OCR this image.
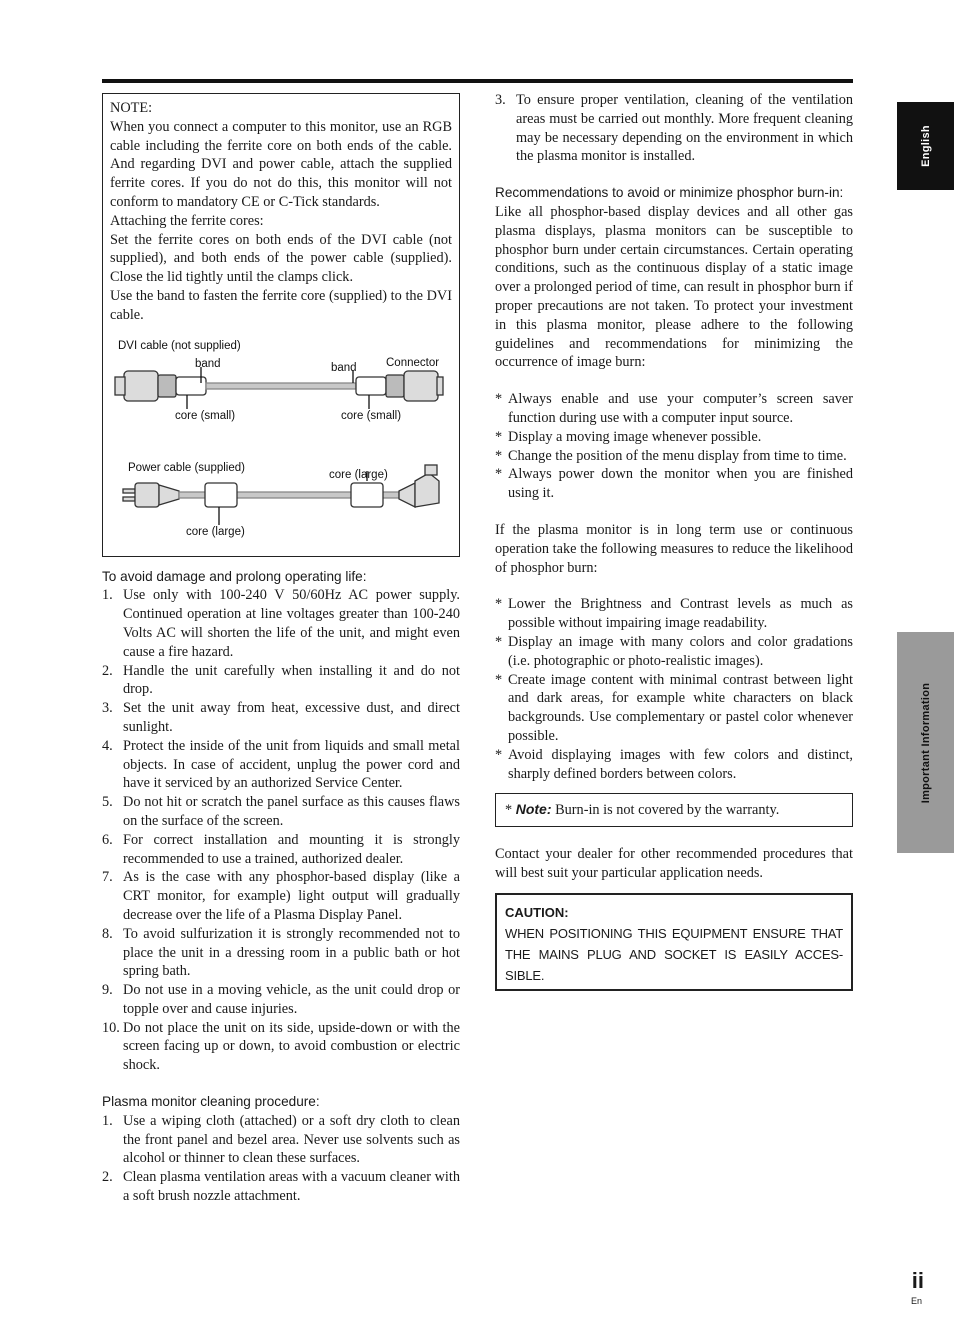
NOTE:

When you connect a computer to this monitor, use an RGB cable including the ferrite core on both ends of the cable. And regarding DVI and power cable, attach the supplied ferrite cores. If you do not do this, this monitor will not conform to mandatory CE or C-Tick standards.

Attaching the ferrite cores:

Set the ferrite cores on both ends of the DVI cable (not supplied), and both ends of the power cable (supplied). Close the lid tightly until the clamps click.

Use the band to fasten the ferrite core (supplied) to the DVI cable.

DVI cable (not supplied)
band	band	Connector
core (small)	core (small)
Power cable (supplied)
core (large)
core (large)

To avoid damage and prolong operating life:

1. Use only with 100-240 V 50/60Hz AC power supply. Continued operation at line voltages greater than 100-240 Volts AC will shorten the life of the unit, and might even cause a fire hazard.
2. Handle the unit carefully when installing it and do not drop.
3. Set the unit away from heat, excessive dust, and direct sunlight.
4. Protect the inside of the unit from liquids and small metal objects. In case of accident, unplug the power cord and have it serviced by an authorized Service Center.
5. Do not hit or scratch the panel surface as this causes flaws on the surface of the screen.
6. For correct installation and mounting it is strongly recommended to use a trained, authorized dealer.
7. As is the case with any phosphor-based display (like a CRT monitor, for example) light output will gradually decrease over the life of a Plasma Display Panel.
8. To avoid sulfurization it is strongly recommended not to place the unit in a dressing room in a public bath or hot spring bath.
9. Do not use in a moving vehicle, as the unit could drop or topple over and cause injuries.
10. Do not place the unit on its side, upside-down or with the screen facing up or down, to avoid combustion or electric shock.

Plasma monitor cleaning procedure:

1. Use a wiping cloth (attached) or a soft dry cloth to clean the front panel and bezel area. Never use solvents such as alcohol or thinner to clean these surfaces.
2. Clean plasma ventilation areas with a vacuum cleaner with a soft brush nozzle attachment.
3. To ensure proper ventilation, cleaning of the ventilation areas must be carried out monthly. More frequent cleaning may be necessary depending on the environment in which the plasma monitor is installed.

Recommendations to avoid or minimize phosphor burn-in:

Like all phosphor-based display devices and all other gas plasma displays, plasma monitors can be susceptible to phosphor burn under certain circumstances. Certain operating conditions, such as the continuous display of a static image over a prolonged period of time, can result in phosphor burn if proper precautions are not taken. To protect your investment in this plasma monitor, please adhere to the following guidelines and recommendations for minimizing the occurrence of image burn:

* Always enable and use your computer’s screen saver function during use with a computer input source.
* Display a moving image whenever possible.
* Change the position of the menu display from time to time.
* Always power down the monitor when you are finished using it.

If the plasma monitor is in long term use or continuous operation take the following measures to reduce the likelihood of phosphor burn:

* Lower the Brightness and Contrast levels as much as possible without impairing image readability.
* Display an image with many colors and color gradations (i.e. photographic or photo-realistic images).
* Create image content with minimal contrast between light and dark areas, for example white characters on black backgrounds. Use complementary or pastel color whenever possible.
* Avoid displaying images with few colors and distinct, sharply defined borders between colors.
* Note: Burn-in is not covered by the warranty.

Contact your dealer for other recommended procedures that will best suit your particular application needs.

CAUTION:
WHEN POSITIONING THIS EQUIPMENT ENSURE THAT THE MAINS PLUG AND SOCKET IS EASILY ACCES-SIBLE.
English
Important Information
ii
En
